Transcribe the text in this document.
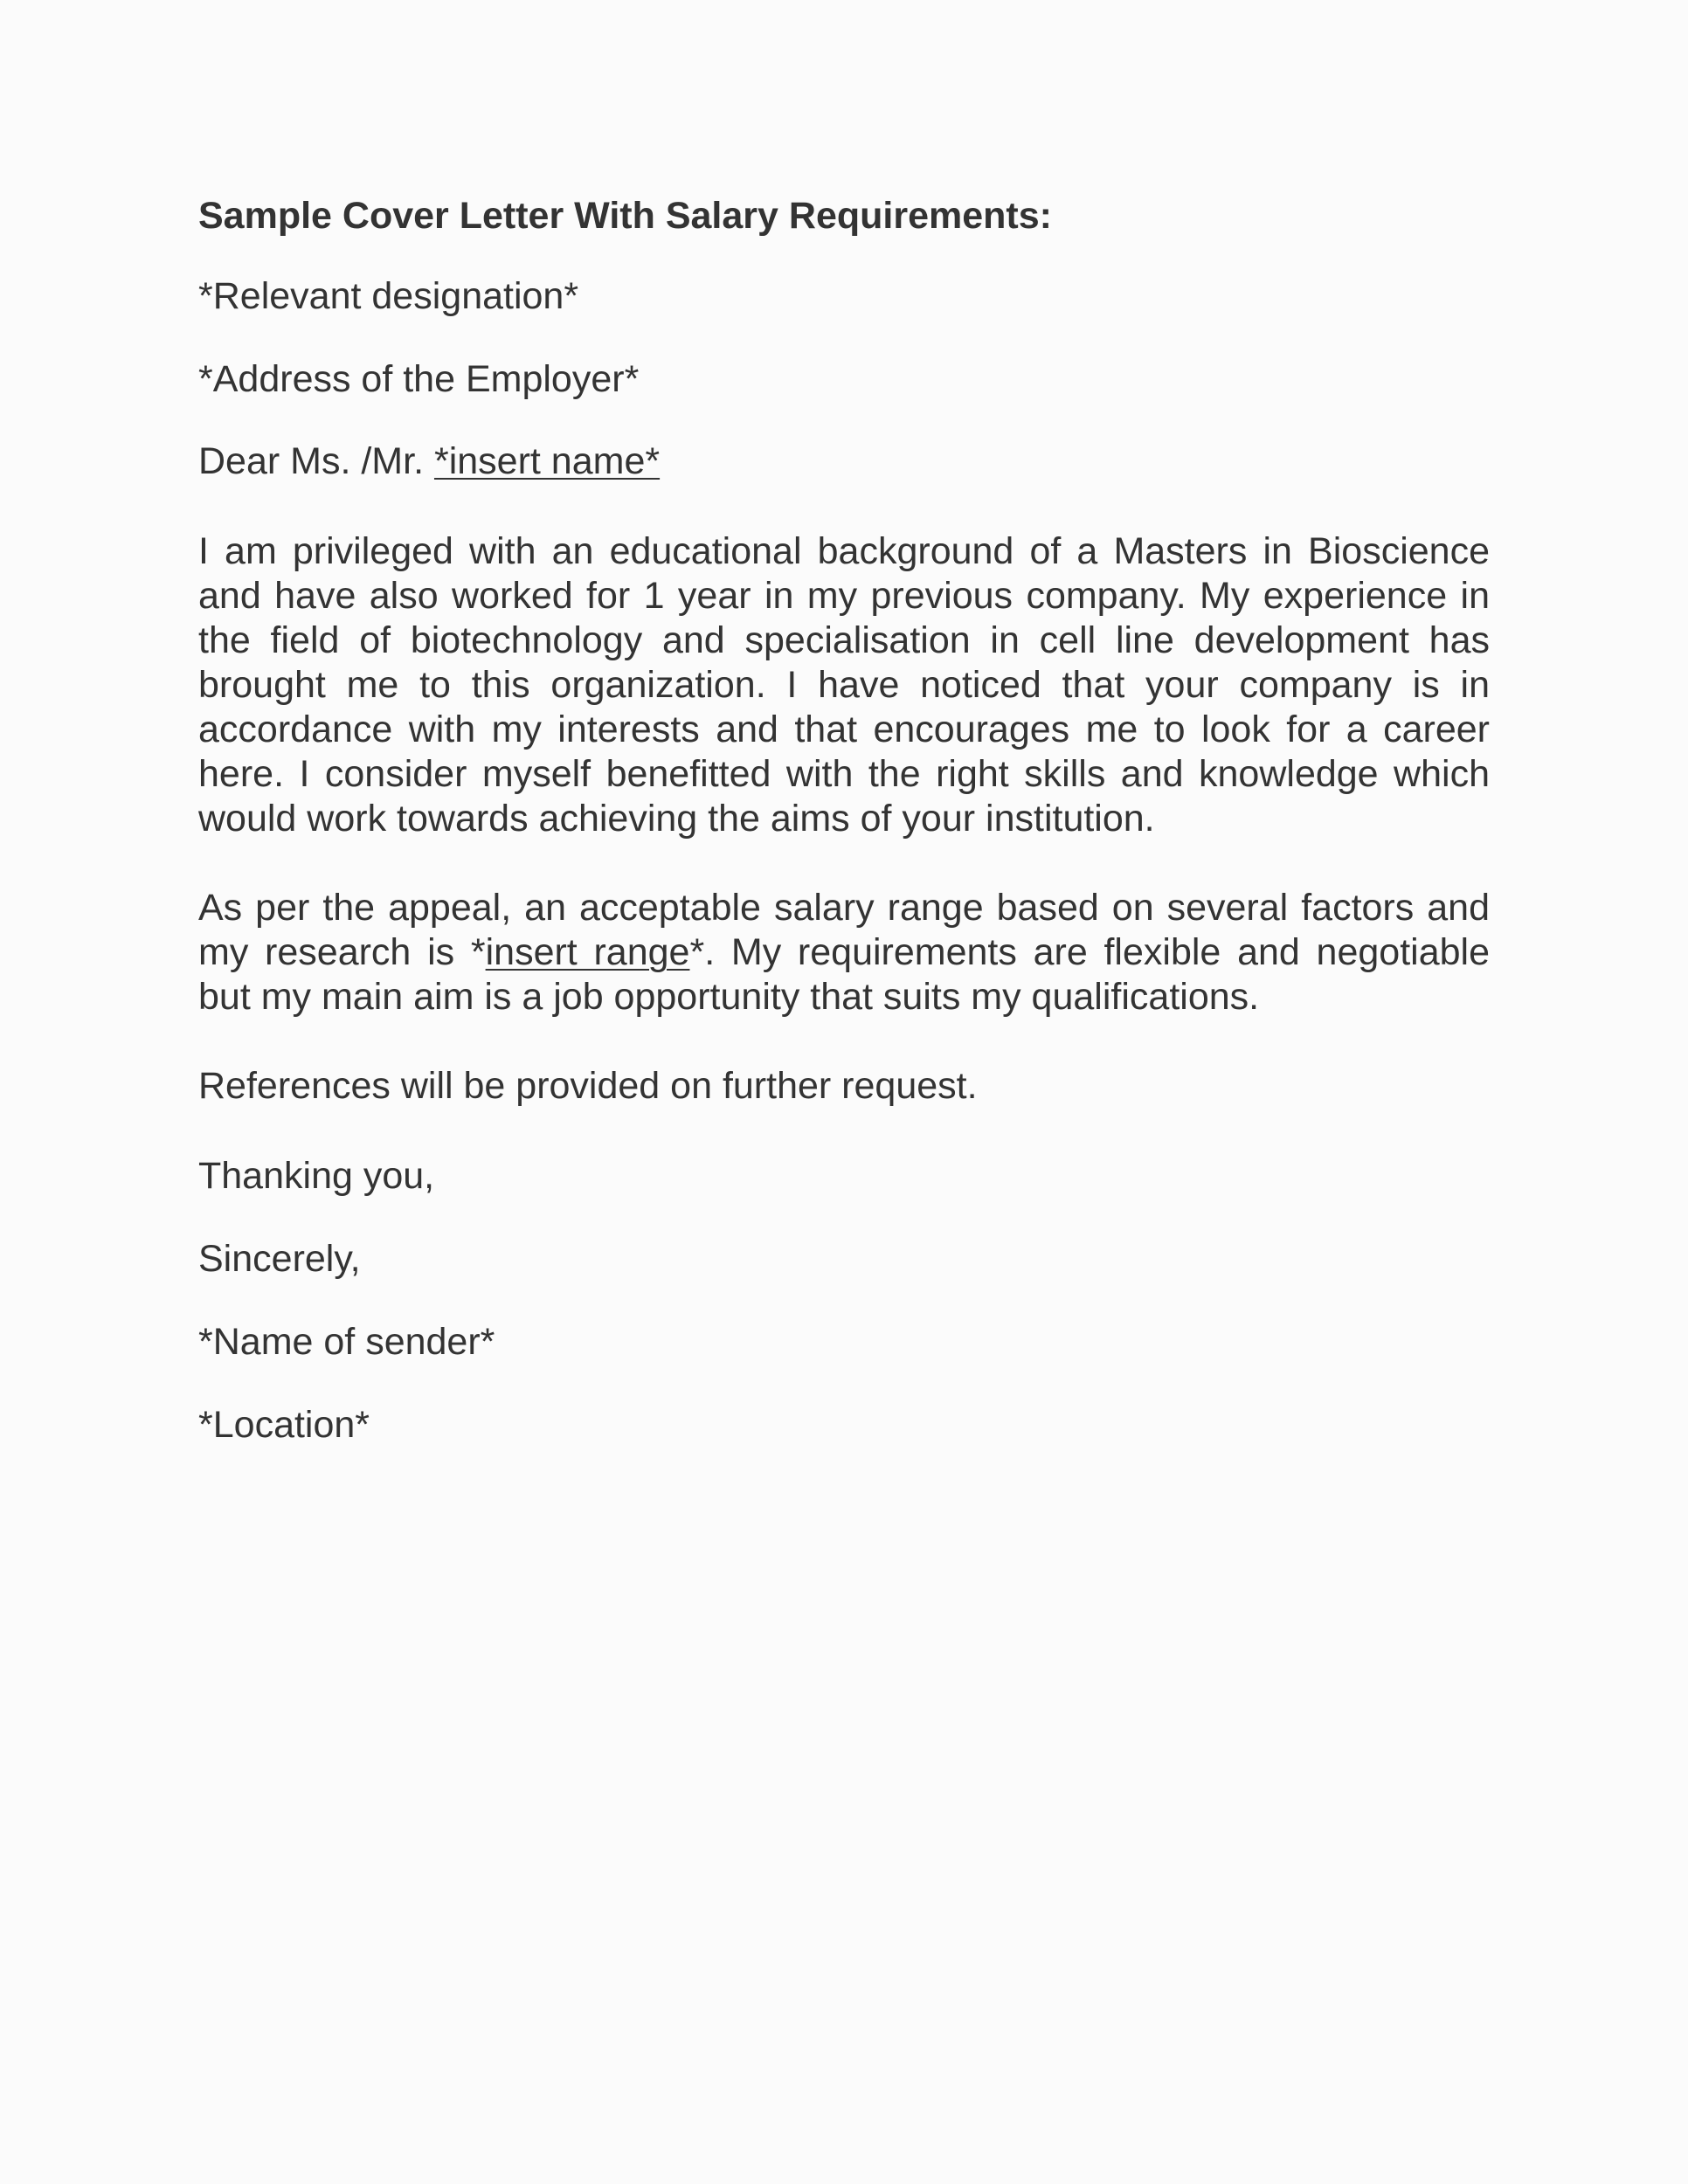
Sample Cover Letter With Salary Requirements:
*Relevant designation*
*Address of the Employer*
Dear Ms. /Mr. *insert name*
I am privileged with an educational background of a Masters in Bioscience and have also worked for 1 year in my previous company. My experience in the field of biotechnology and specialisation in cell line development has brought me to this organization. I have noticed that your company is in accordance with my interests and that encourages me to look for a career here. I consider myself benefitted with the right skills and knowledge which would work towards achieving the aims of your institution.
As per the appeal, an acceptable salary range based on several factors and my research is *insert range*. My requirements are flexible and negotiable but my main aim is a job opportunity that suits my qualifications.
References will be provided on further request.
Thanking you,
Sincerely,
*Name of sender*
*Location*
